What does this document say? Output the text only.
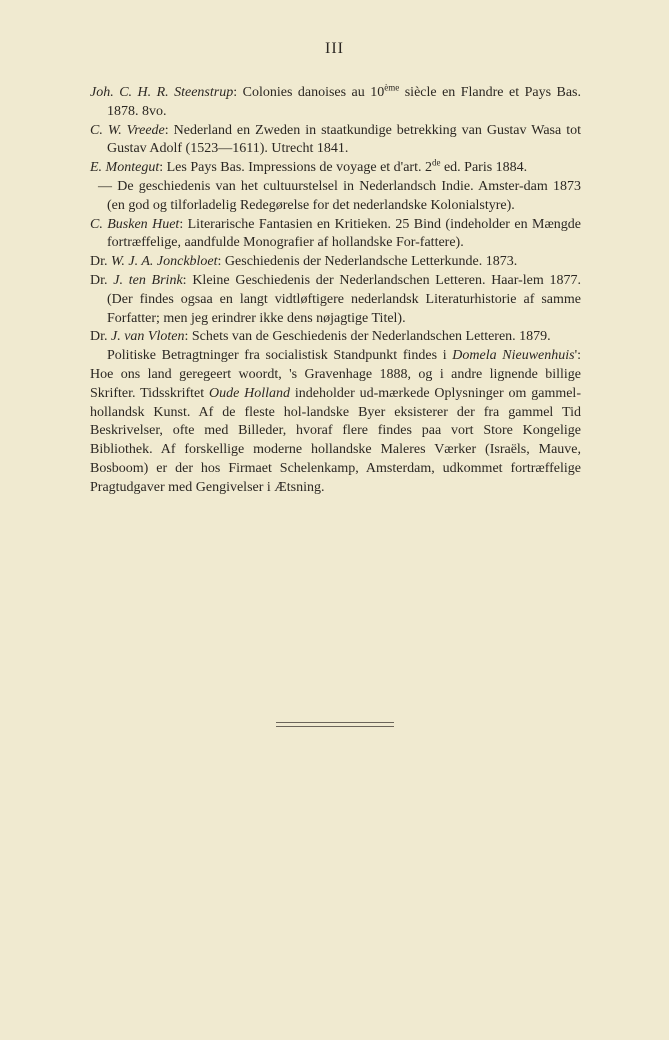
III

Joh. C. H. R. Steenstrup: Colonies danoises au 10ème siècle en Flandre et Pays Bas. 1878. 8vo.

C. W. Vreede: Nederland en Zweden in staatkundige betrekking van Gustav Wasa tot Gustav Adolf (1523—1611). Utrecht 1841.

E. Montegut: Les Pays Bas. Impressions de voyage et d'art. 2de ed. Paris 1884.

— De geschiedenis van het cultuurstelsel in Nederlandsch Indie. Amster-dam 1873 (en god og tilforladelig Redegørelse for det nederlandske Kolonialstyre).

C. Busken Huet: Literarische Fantasien en Kritieken. 25 Bind (indeholder en Mængde fortræffelige, aandfulde Monografier af hollandske For-fattere).

Dr. W. J. A. Jonckbloet: Geschiedenis der Nederlandsche Letterkunde. 1873.

Dr. J. ten Brink: Kleine Geschiedenis der Nederlandschen Letteren. Haar-lem 1877. (Der findes ogsaa en langt vidtløftigere nederlandsk Literaturhistorie af samme Forfatter; men jeg erindrer ikke dens nøjagtige Titel).

Dr. J. van Vloten: Schets van de Geschiedenis der Nederlandschen Letteren. 1879.

Politiske Betragtninger fra socialistisk Standpunkt findes i Domela Nieuwenhuis': Hoe ons land geregeert woordt, 's Gravenhage 1888, og i andre lignende billige Skrifter. Tidsskriftet Oude Holland indeholder ud-mærkede Oplysninger om gammel-hollandsk Kunst. Af de fleste hol-landske Byer eksisterer der fra gammel Tid Beskrivelser, ofte med Billeder, hvoraf flere findes paa vort Store Kongelige Bibliothek. Af forskellige moderne hollandske Maleres Værker (Israëls, Mauve, Bosboom) er der hos Firmaet Schelenkamp, Amsterdam, udkommet fortræffelige Pragtudgaver med Gengivelser i Ætsning.
